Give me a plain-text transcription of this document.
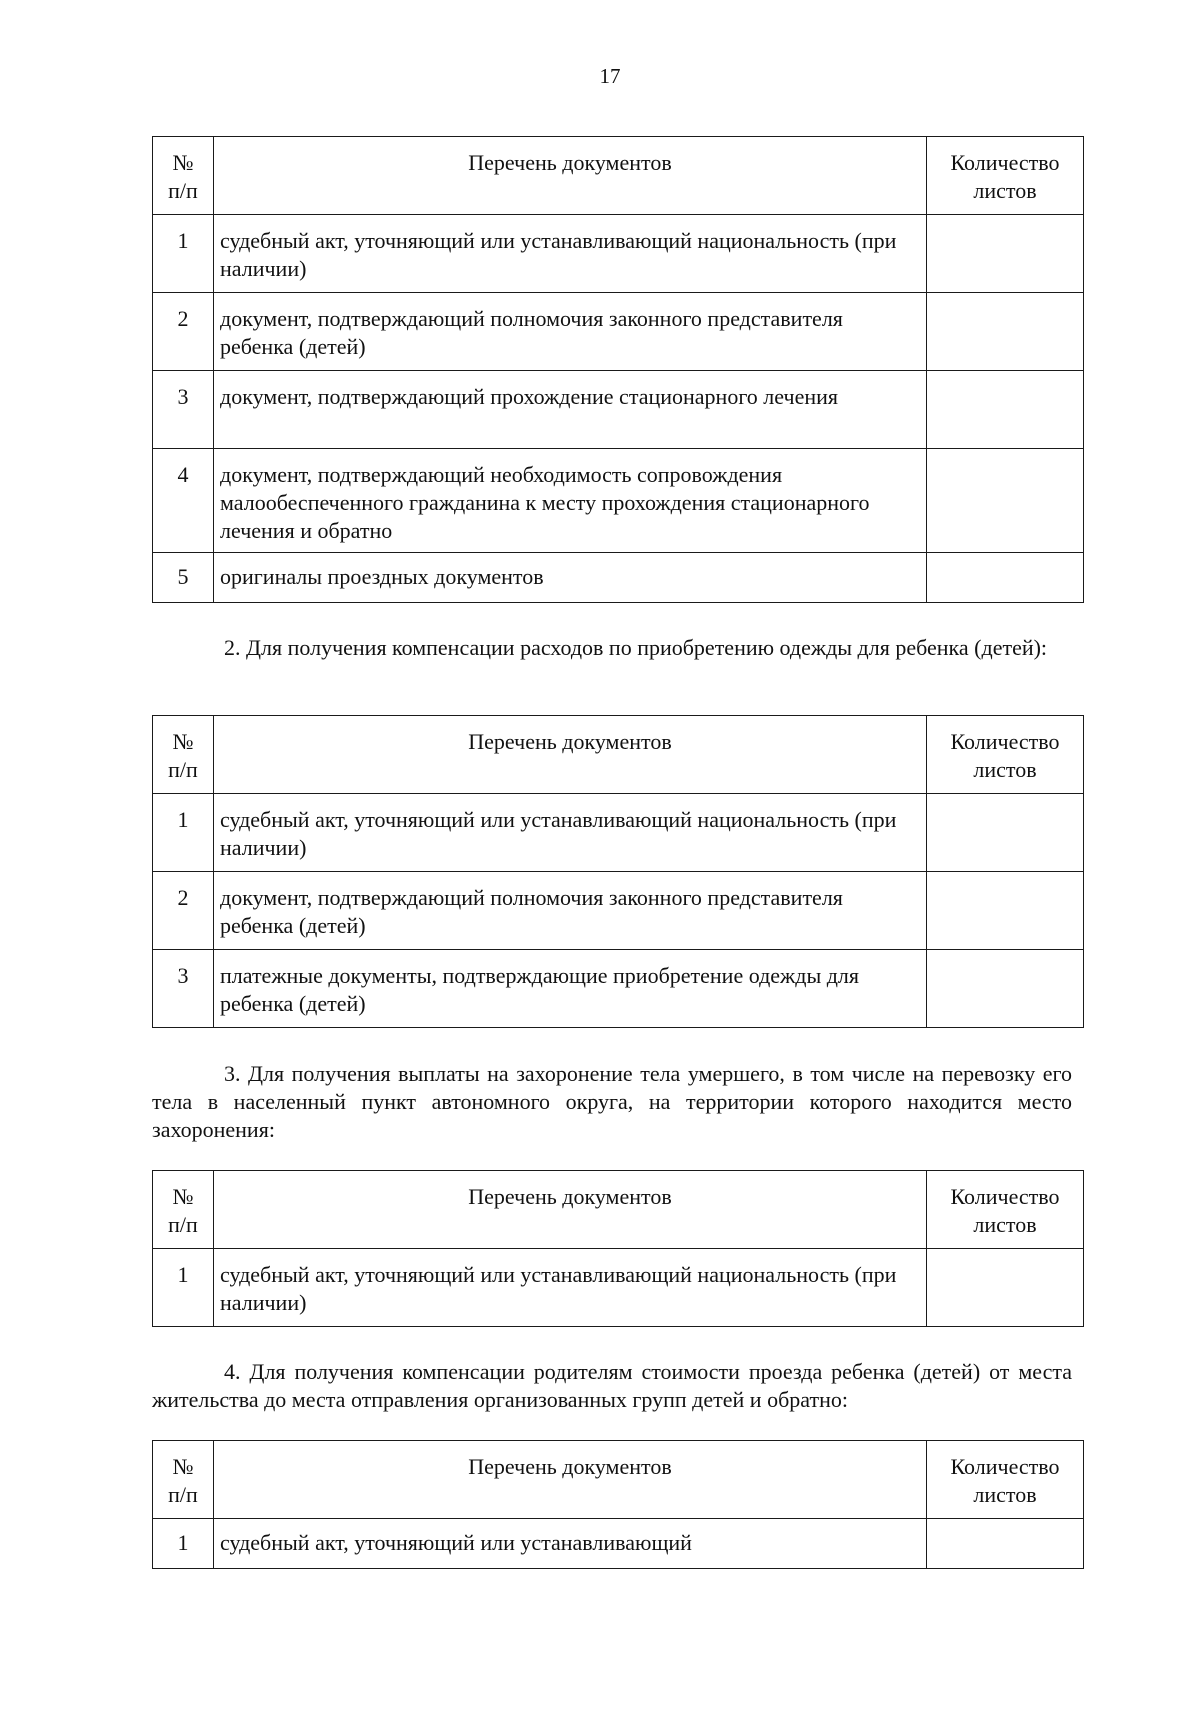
17
№
п/п	Перечень документов	Количество
листов
1	судебный акт, уточняющий или устанавливающий национальность (при наличии)	
2	документ, подтверждающий полномочия законного представителя ребенка (детей)	
3	документ, подтверждающий прохождение стационарного лечения	
4	документ, подтверждающий необходимость сопровождения малообеспеченного гражданина к месту прохождения стационарного лечения и обратно	
5	оригиналы проездных документов	

2. Для получения компенсации расходов по приобретению одежды для ребенка (детей):

№
п/п	Перечень документов	Количество
листов
1	судебный акт, уточняющий или устанавливающий национальность (при наличии)	
2	документ, подтверждающий полномочия законного представителя ребенка (детей)	
3	платежные документы, подтверждающие приобретение одежды для ребенка (детей)	

3. Для получения выплаты на захоронение тела умершего, в том числе на перевозку его тела в населенный пункт автономного округа, на территории которого находится место захоронения:

№
п/п	Перечень документов	Количество
листов
1	судебный акт, уточняющий или устанавливающий национальность (при наличии)	

4. Для получения компенсации родителям стоимости проезда ребенка (детей) от места жительства до места отправления организованных групп детей и обратно:

№
п/п	Перечень документов	Количество
листов
1	судебный акт, уточняющий или устанавливающий	
